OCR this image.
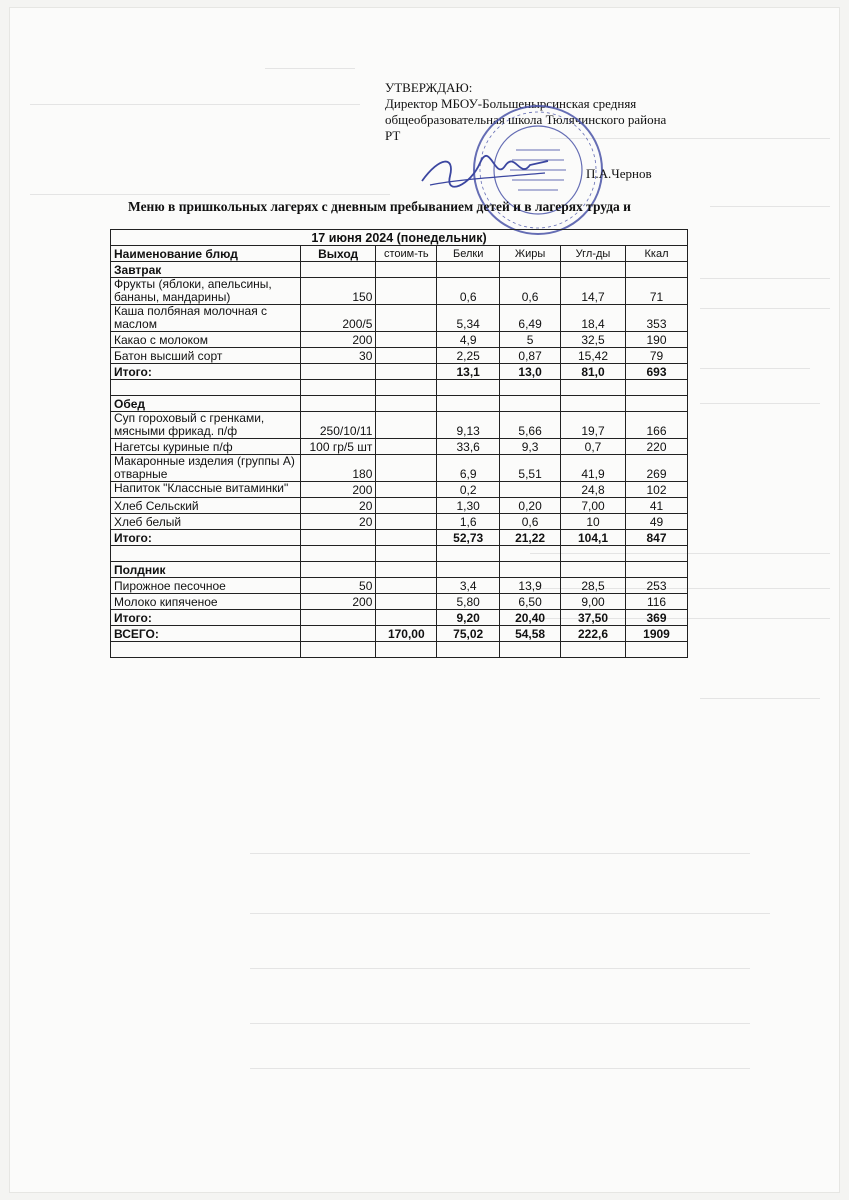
УТВЕРЖДАЮ:
Директор МБОУ-Большенырсинская средняя
общеобразовательная школа Тюлячинского района
РТ
П.А.Чернов
Меню в пришкольных лагерях с дневным пребыванием детей и в лагерях труда и
17 июня 2024 (понедельник)						
Наименование блюд	Выход	стоим-ть	Белки	Жиры	Угл-ды	Ккал
Завтрак						
Фрукты (яблоки, апельсины, бананы, мандарины)	150		0,6	0,6	14,7	71
Каша полбяная молочная с маслом	200/5		5,34	6,49	18,4	353
Какао с молоком	200		4,9	5	32,5	190
Батон высший сорт	30		2,25	0,87	15,42	79
Итого:			13,1	13,0	81,0	693

Обед						
Суп гороховый с гренками, мясными фрикад. п/ф	250/10/11		9,13	5,66	19,7	166
Нагетсы куриные п/ф	100 гр/5 шт		33,6	9,3	0,7	220
Макаронные изделия (группы А) отварные	180		6,9	5,51	41,9	269
Напиток "Классные витаминки"	200		0,2		24,8	102
Хлеб Сельский	20		1,30	0,20	7,00	41
Хлеб белый	20		1,6	0,6	10	49
Итого:			52,73	21,22	104,1	847

Полдник						
Пирожное песочное	50		3,4	13,9	28,5	253
Молоко кипяченое	200		5,80	6,50	9,00	116
Итого:			9,20	20,40	37,50	369
ВСЕГО:		170,00	75,02	54,58	222,6	1909
